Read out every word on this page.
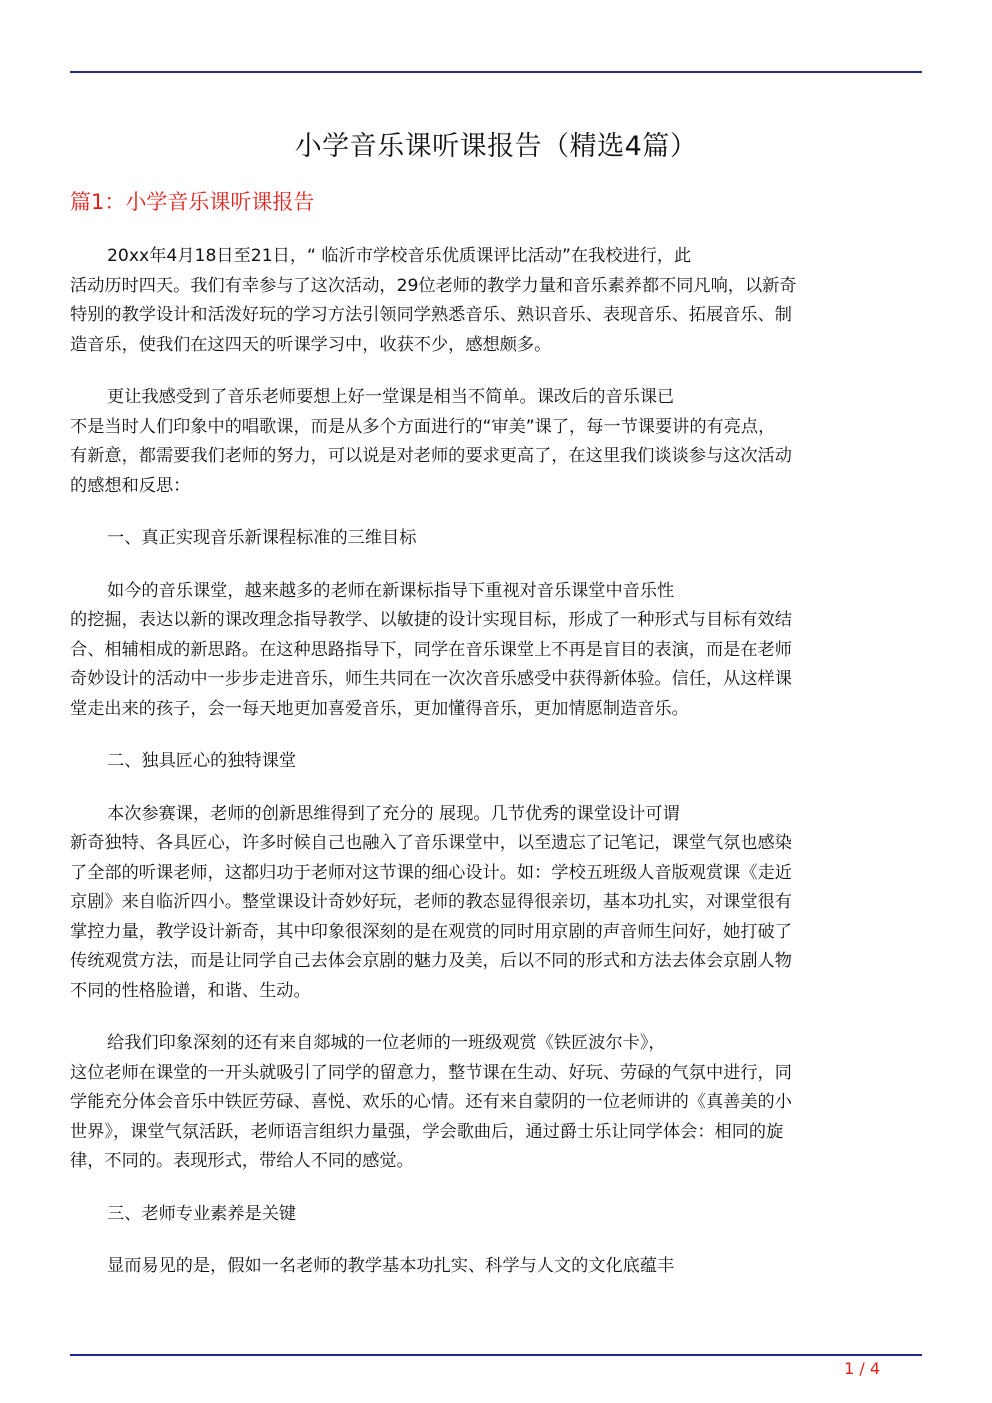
小学音乐课听课报告（精选4篇）
篇1：小学音乐课听课报告
20xx年4月18日至21日，“ 临沂市学校音乐优质课评比活动”在我校进行，此
活动历时四天。我们有幸参与了这次活动，29位老师的教学力量和音乐素养都不同凡响，以新奇
特别的教学设计和活泼好玩的学习方法引领同学熟悉音乐、熟识音乐、表现音乐、拓展音乐、制
造音乐，使我们在这四天的听课学习中，收获不少，感想颇多。
更让我感受到了音乐老师要想上好一堂课是相当不简单。课改后的音乐课已
不是当时人们印象中的唱歌课，而是从多个方面进行的“审美”课了，每一节课要讲的有亮点，
有新意，都需要我们老师的努力，可以说是对老师的要求更高了，在这里我们谈谈参与这次活动
的感想和反思：
一、真正实现音乐新课程标准的三维目标
如今的音乐课堂，越来越多的老师在新课标指导下重视对音乐课堂中音乐性
的挖掘，表达以新的课改理念指导教学、以敏捷的设计实现目标，形成了一种形式与目标有效结
合、相辅相成的新思路。在这种思路指导下，同学在音乐课堂上不再是盲目的表演，而是在老师
奇妙设计的活动中一步步走进音乐，师生共同在一次次音乐感受中获得新体验。信任，从这样课
堂走出来的孩子，会一每天地更加喜爱音乐，更加懂得音乐，更加情愿制造音乐。
二、独具匠心的独特课堂
本次参赛课，老师的创新思维得到了充分的 展现。几节优秀的课堂设计可谓
新奇独特、各具匠心，许多时候自己也融入了音乐课堂中，以至遗忘了记笔记，课堂气氛也感染
了全部的听课老师，这都归功于老师对这节课的细心设计。如：学校五班级人音版观赏课《走近
京剧》来自临沂四小。整堂课设计奇妙好玩，老师的教态显得很亲切，基本功扎实，对课堂很有
掌控力量，教学设计新奇，其中印象很深刻的是在观赏的同时用京剧的声音师生问好，她打破了
传统观赏方法，而是让同学自己去体会京剧的魅力及美，后以不同的形式和方法去体会京剧人物
不同的性格脸谱，和谐、生动。
给我们印象深刻的还有来自郯城的一位老师的一班级观赏《铁匠波尔卡》，
这位老师在课堂的一开头就吸引了同学的留意力，整节课在生动、好玩、劳碌的气氛中进行，同
学能充分体会音乐中铁匠劳碌、喜悦、欢乐的心情。还有来自蒙阴的一位老师讲的《真善美的小
世界》，课堂气氛活跃，老师语言组织力量强，学会歌曲后，通过爵士乐让同学体会：相同的旋
律，不同的。表现形式，带给人不同的感觉。
三、老师专业素养是关键
显而易见的是，假如一名老师的教学基本功扎实、科学与人文的文化底蕴丰
1 / 4
